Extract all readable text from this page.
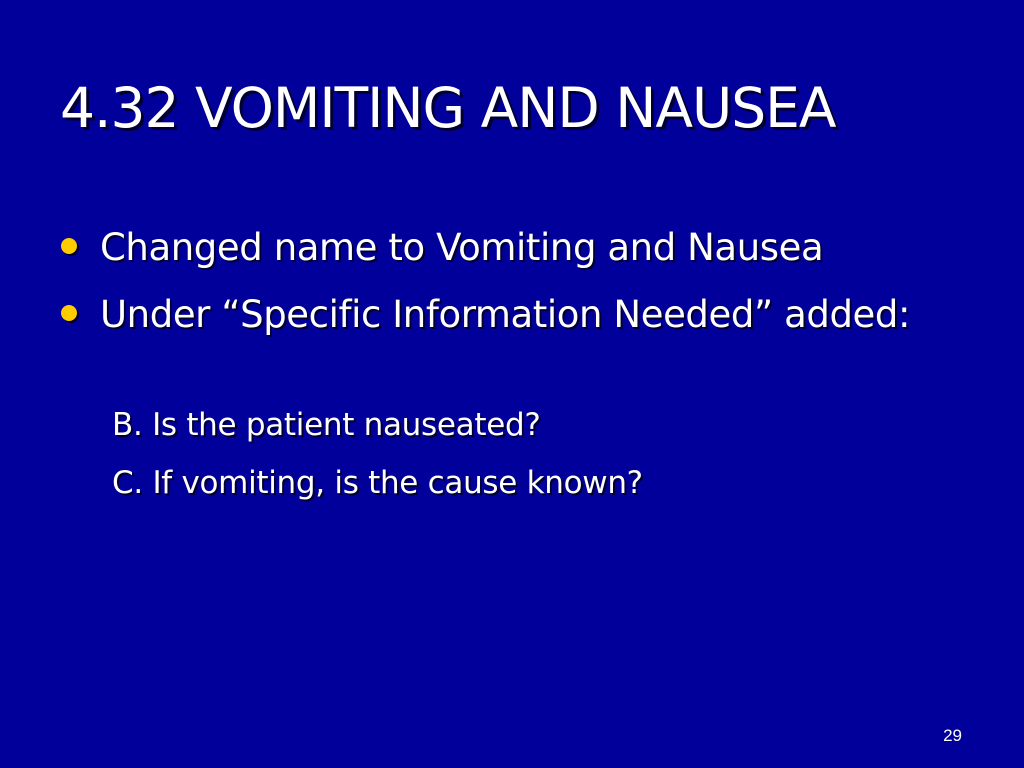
4.32 VOMITING AND NAUSEA
Changed name to Vomiting and Nausea
Under “Specific Information Needed” added:
B. Is the patient nauseated?
C. If vomiting, is the cause known?
29
